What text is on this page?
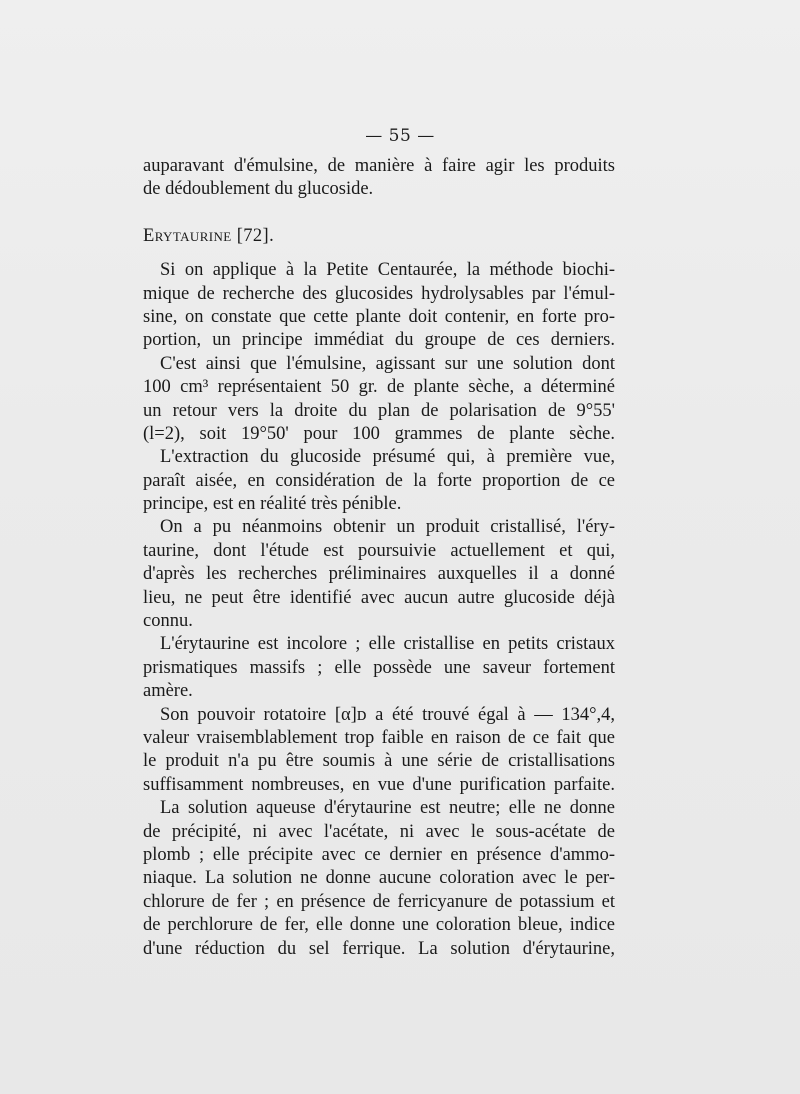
— 55 —
auparavant d'émulsine, de manière à faire agir les produits
de dédoublement du glucoside.
Erytaurine [72].
Si on applique à la Petite Centaurée, la méthode biochi-
mique de recherche des glucosides hydrolysables par l'émul-
sine, on constate que cette plante doit contenir, en forte pro-
portion, un principe immédiat du groupe de ces derniers.
C'est ainsi que l'émulsine, agissant sur une solution dont
100 cm³ représentaient 50 gr. de plante sèche, a déterminé
un retour vers la droite du plan de polarisation de 9°55'
(l=2), soit 19°50' pour 100 grammes de plante sèche.
L'extraction du glucoside présumé qui, à première vue,
paraît aisée, en considération de la forte proportion de ce
principe, est en réalité très pénible.
On a pu néanmoins obtenir un produit cristallisé, l'éry-
taurine, dont l'étude est poursuivie actuellement et qui,
d'après les recherches préliminaires auxquelles il a donné
lieu, ne peut être identifié avec aucun autre glucoside déjà
connu.
L'érytaurine est incolore ; elle cristallise en petits cristaux
prismatiques massifs ; elle possède une saveur fortement
amère.
Son pouvoir rotatoire [α]ᴅ a été trouvé égal à — 134°,4,
valeur vraisemblablement trop faible en raison de ce fait que
le produit n'a pu être soumis à une série de cristallisations
suffisamment nombreuses, en vue d'une purification parfaite.
La solution aqueuse d'érytaurine est neutre; elle ne donne
de précipité, ni avec l'acétate, ni avec le sous-acétate de
plomb ; elle précipite avec ce dernier en présence d'ammo-
niaque. La solution ne donne aucune coloration avec le per-
chlorure de fer ; en présence de ferricyanure de potassium et
de perchlorure de fer, elle donne une coloration bleue, indice
d'une réduction du sel ferrique. La solution d'érytaurine,
